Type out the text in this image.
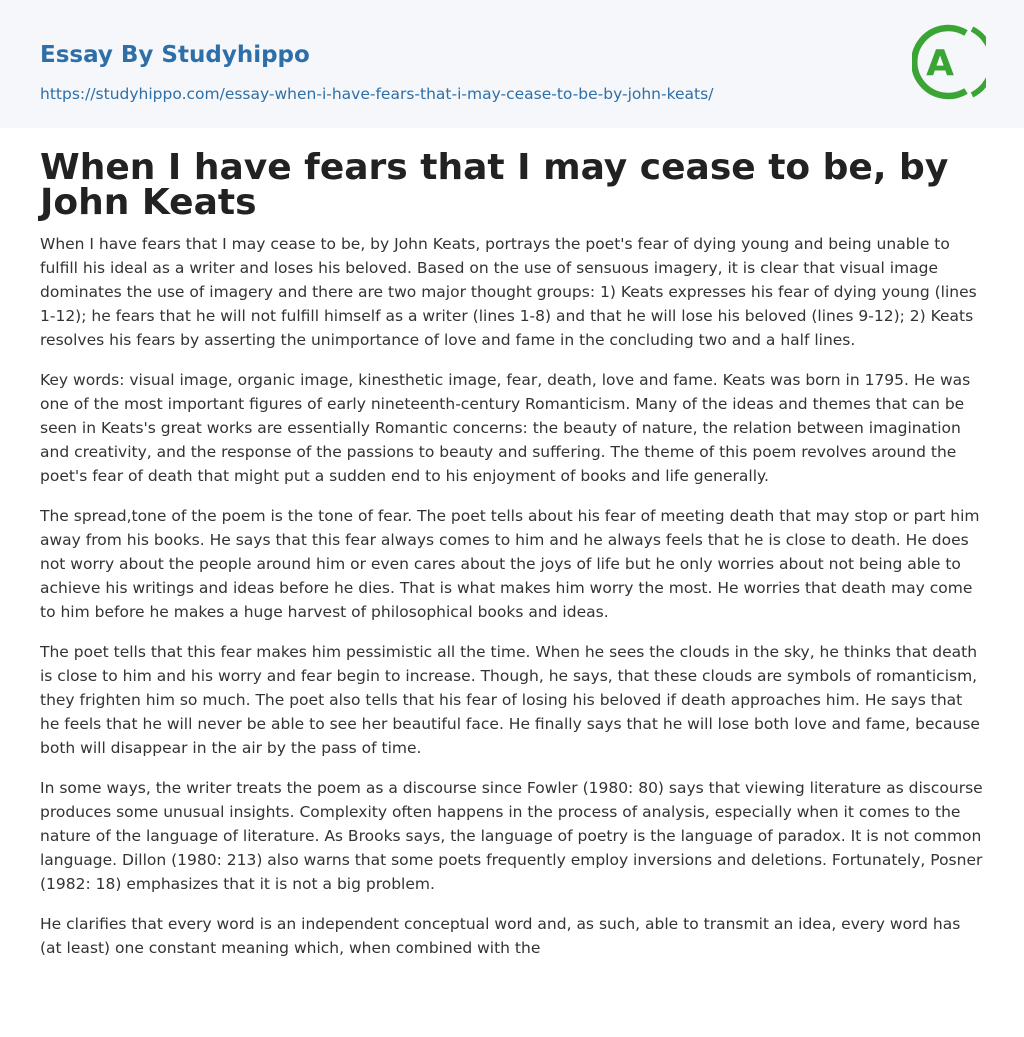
Essay By Studyhippo
https://studyhippo.com/essay-when-i-have-fears-that-i-may-cease-to-be-by-john-keats/
A
When I have fears that I may cease to be, by John Keats

When I have fears that I may cease to be, by John Keats, portrays the poet's fear of dying young and being unable to fulfill his ideal as a writer and loses his beloved. Based on the use of sensuous imagery, it is clear that visual image dominates the use of imagery and there are two major thought groups: 1) Keats expresses his fear of dying young (lines 1-12); he fears that he will not fulfill himself as a writer (lines 1-8) and that he will lose his beloved (lines 9-12); 2) Keats resolves his fears by asserting the unimportance of love and fame in the concluding two and a half lines.

Key words: visual image, organic image, kinesthetic image, fear, death, love and fame. Keats was born in 1795. He was one of the most important figures of early nineteenth-century Romanticism. Many of the ideas and themes that can be seen in Keats's great works are essentially Romantic concerns: the beauty of nature, the relation between imagination and creativity, and the response of the passions to beauty and suffering. The theme of this poem revolves around the poet's fear of death that might put a sudden end to his enjoyment of books and life generally.

The spread,tone of the poem is the tone of fear. The poet tells about his fear of meeting death that may stop or part him away from his books. He says that this fear always comes to him and he always feels that he is close to death. He does not worry about the people around him or even cares about the joys of life but he only worries about not being able to achieve his writings and ideas before he dies. That is what makes him worry the most. He worries that death may come to him before he makes a huge harvest of philosophical books and ideas.

The poet tells that this fear makes him pessimistic all the time. When he sees the clouds in the sky, he thinks that death is close to him and his worry and fear begin to increase. Though, he says, that these clouds are symbols of romanticism, they frighten him so much. The poet also tells that his fear of losing his beloved if death approaches him. He says that he feels that he will never be able to see her beautiful face. He finally says that he will lose both love and fame, because both will disappear in the air by the pass of time.

In some ways, the writer treats the poem as a discourse since Fowler (1980: 80) says that viewing literature as discourse produces some unusual insights. Complexity often happens in the process of analysis, especially when it comes to the nature of the language of literature. As Brooks says, the language of poetry is the language of paradox. It is not common language. Dillon (1980: 213) also warns that some poets frequently employ inversions and deletions. Fortunately, Posner (1982: 18) emphasizes that it is not a big problem.

He clarifies that every word is an independent conceptual word and, as such, able to transmit an idea, every word has (at least) one constant meaning which, when combined with the
